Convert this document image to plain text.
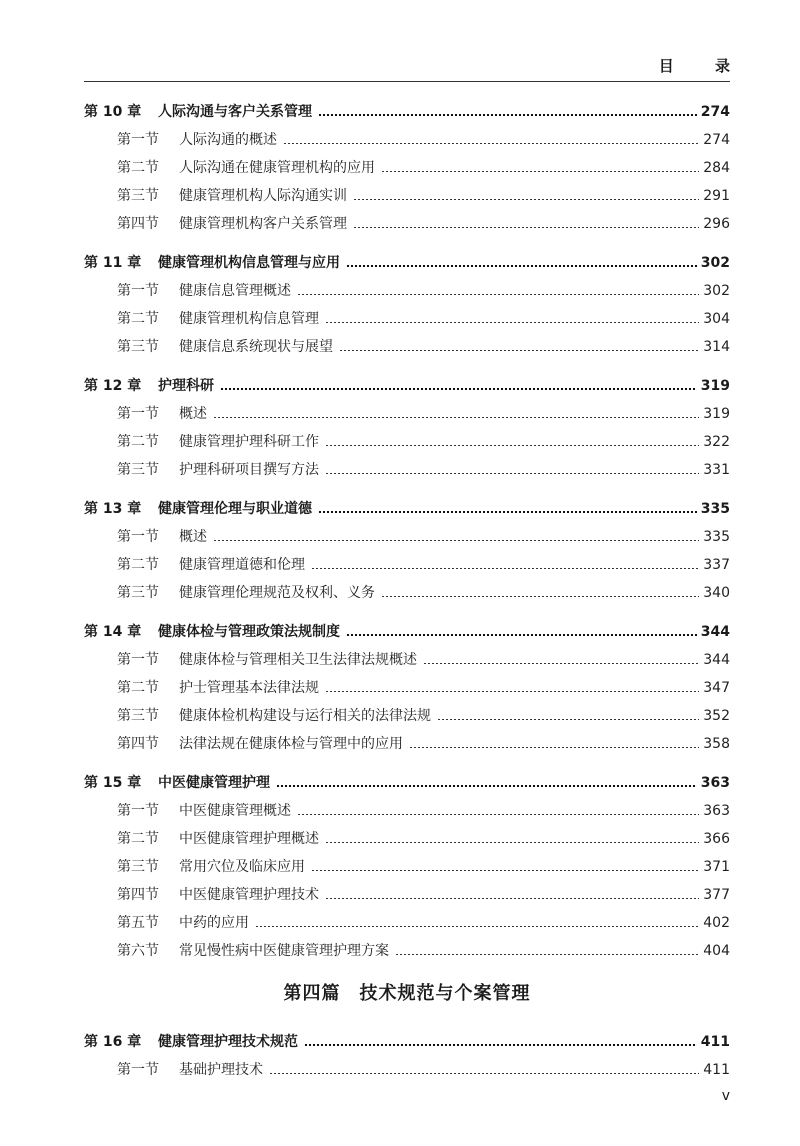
目 录
第 10 章	人际沟通与客户关系管理	274
第一节	人际沟通的概述	274
第二节	人际沟通在健康管理机构的应用	284
第三节	健康管理机构人际沟通实训	291
第四节	健康管理机构客户关系管理	296
第 11 章	健康管理机构信息管理与应用	302
第一节	健康信息管理概述	302
第二节	健康管理机构信息管理	304
第三节	健康信息系统现状与展望	314
第 12 章	护理科研	319
第一节	概述	319
第二节	健康管理护理科研工作	322
第三节	护理科研项目撰写方法	331
第 13 章	健康管理伦理与职业道德	335
第一节	概述	335
第二节	健康管理道德和伦理	337
第三节	健康管理伦理规范及权利、义务	340
第 14 章	健康体检与管理政策法规制度	344
第一节	健康体检与管理相关卫生法律法规概述	344
第二节	护士管理基本法律法规	347
第三节	健康体检机构建设与运行相关的法律法规	352
第四节	法律法规在健康体检与管理中的应用	358
第 15 章	中医健康管理护理	363
第一节	中医健康管理概述	363
第二节	中医健康管理护理概述	366
第三节	常用穴位及临床应用	371
第四节	中医健康管理护理技术	377
第五节	中药的应用	402
第六节	常见慢性病中医健康管理护理方案	404
第四篇　技术规范与个案管理
第 16 章	健康管理护理技术规范	411
第一节	基础护理技术	411
v
